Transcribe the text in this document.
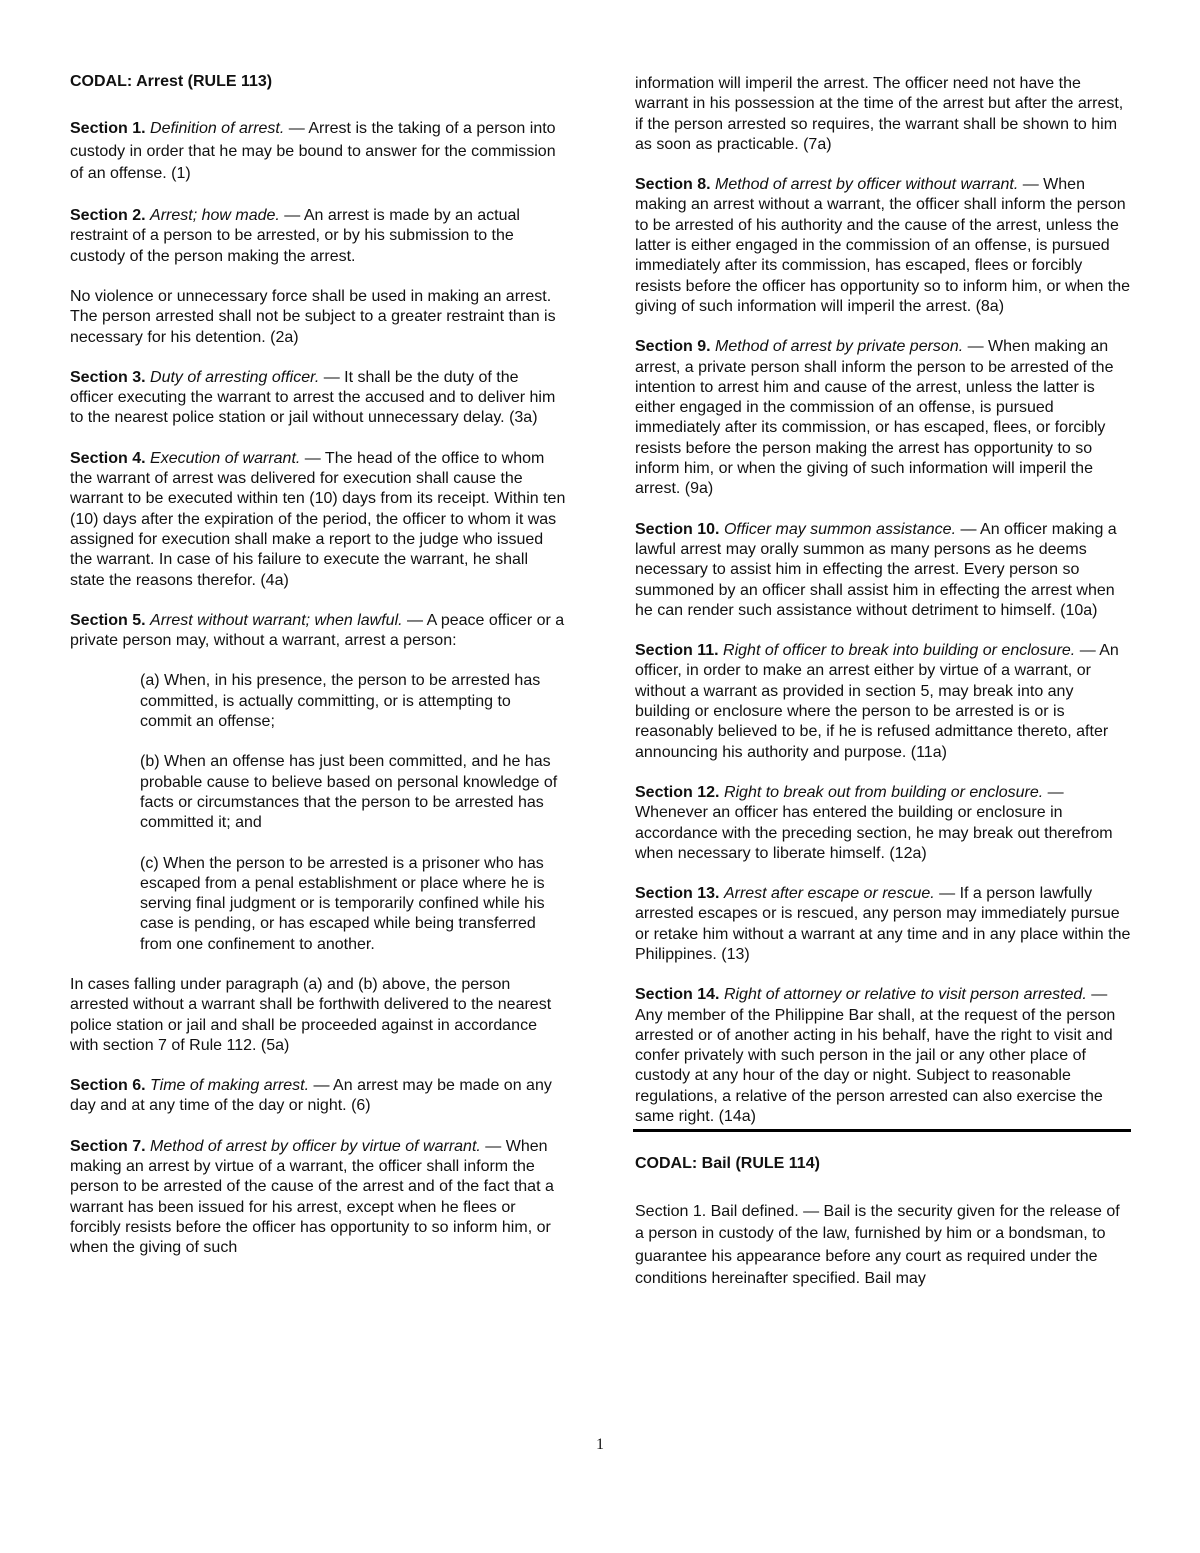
CODAL: Arrest (RULE 113)

Section 1. Definition of arrest. — Arrest is the taking of a person into custody in order that he may be bound to answer for the commission of an offense. (1)

Section 2. Arrest; how made. — An arrest is made by an actual restraint of a person to be arrested, or by his submission to the custody of the person making the arrest.

No violence or unnecessary force shall be used in making an arrest. The person arrested shall not be subject to a greater restraint than is necessary for his detention. (2a)

Section 3. Duty of arresting officer. — It shall be the duty of the officer executing the warrant to arrest the accused and to deliver him to the nearest police station or jail without unnecessary delay. (3a)

Section 4. Execution of warrant. — The head of the office to whom the warrant of arrest was delivered for execution shall cause the warrant to be executed within ten (10) days from its receipt. Within ten (10) days after the expiration of the period, the officer to whom it was assigned for execution shall make a report to the judge who issued the warrant. In case of his failure to execute the warrant, he shall state the reasons therefor. (4a)

Section 5. Arrest without warrant; when lawful. — A peace officer or a private person may, without a warrant, arrest a person:

(a) When, in his presence, the person to be arrested has committed, is actually committing, or is attempting to commit an offense;

(b) When an offense has just been committed, and he has probable cause to believe based on personal knowledge of facts or circumstances that the person to be arrested has committed it; and

(c) When the person to be arrested is a prisoner who has escaped from a penal establishment or place where he is serving final judgment or is temporarily confined while his case is pending, or has escaped while being transferred from one confinement to another.

In cases falling under paragraph (a) and (b) above, the person arrested without a warrant shall be forthwith delivered to the nearest police station or jail and shall be proceeded against in accordance with section 7 of Rule 112. (5a)

Section 6. Time of making arrest. — An arrest may be made on any day and at any time of the day or night. (6)

Section 7. Method of arrest by officer by virtue of warrant. — When making an arrest by virtue of a warrant, the officer shall inform the person to be arrested of the cause of the arrest and of the fact that a warrant has been issued for his arrest, except when he flees or forcibly resists before the officer has opportunity to so inform him, or when the giving of such

information will imperil the arrest. The officer need not have the warrant in his possession at the time of the arrest but after the arrest, if the person arrested so requires, the warrant shall be shown to him as soon as practicable. (7a)

Section 8. Method of arrest by officer without warrant. — When making an arrest without a warrant, the officer shall inform the person to be arrested of his authority and the cause of the arrest, unless the latter is either engaged in the commission of an offense, is pursued immediately after its commission, has escaped, flees or forcibly resists before the officer has opportunity so to inform him, or when the giving of such information will imperil the arrest. (8a)

Section 9. Method of arrest by private person. — When making an arrest, a private person shall inform the person to be arrested of the intention to arrest him and cause of the arrest, unless the latter is either engaged in the commission of an offense, is pursued immediately after its commission, or has escaped, flees, or forcibly resists before the person making the arrest has opportunity to so inform him, or when the giving of such information will imperil the arrest. (9a)

Section 10. Officer may summon assistance. — An officer making a lawful arrest may orally summon as many persons as he deems necessary to assist him in effecting the arrest. Every person so summoned by an officer shall assist him in effecting the arrest when he can render such assistance without detriment to himself. (10a)

Section 11. Right of officer to break into building or enclosure. — An officer, in order to make an arrest either by virtue of a warrant, or without a warrant as provided in section 5, may break into any building or enclosure where the person to be arrested is or is reasonably believed to be, if he is refused admittance thereto, after announcing his authority and purpose. (11a)

Section 12. Right to break out from building or enclosure. — Whenever an officer has entered the building or enclosure in accordance with the preceding section, he may break out therefrom when necessary to liberate himself. (12a)

Section 13. Arrest after escape or rescue. — If a person lawfully arrested escapes or is rescued, any person may immediately pursue or retake him without a warrant at any time and in any place within the Philippines. (13)

Section 14. Right of attorney or relative to visit person arrested. — Any member of the Philippine Bar shall, at the request of the person arrested or of another acting in his behalf, have the right to visit and confer privately with such person in the jail or any other place of custody at any hour of the day or night. Subject to reasonable regulations, a relative of the person arrested can also exercise the same right. (14a)

CODAL: Bail (RULE 114)

Section 1. Bail defined. — Bail is the security given for the release of a person in custody of the law, furnished by him or a bondsman, to guarantee his appearance before any court as required under the conditions hereinafter specified. Bail may

1
